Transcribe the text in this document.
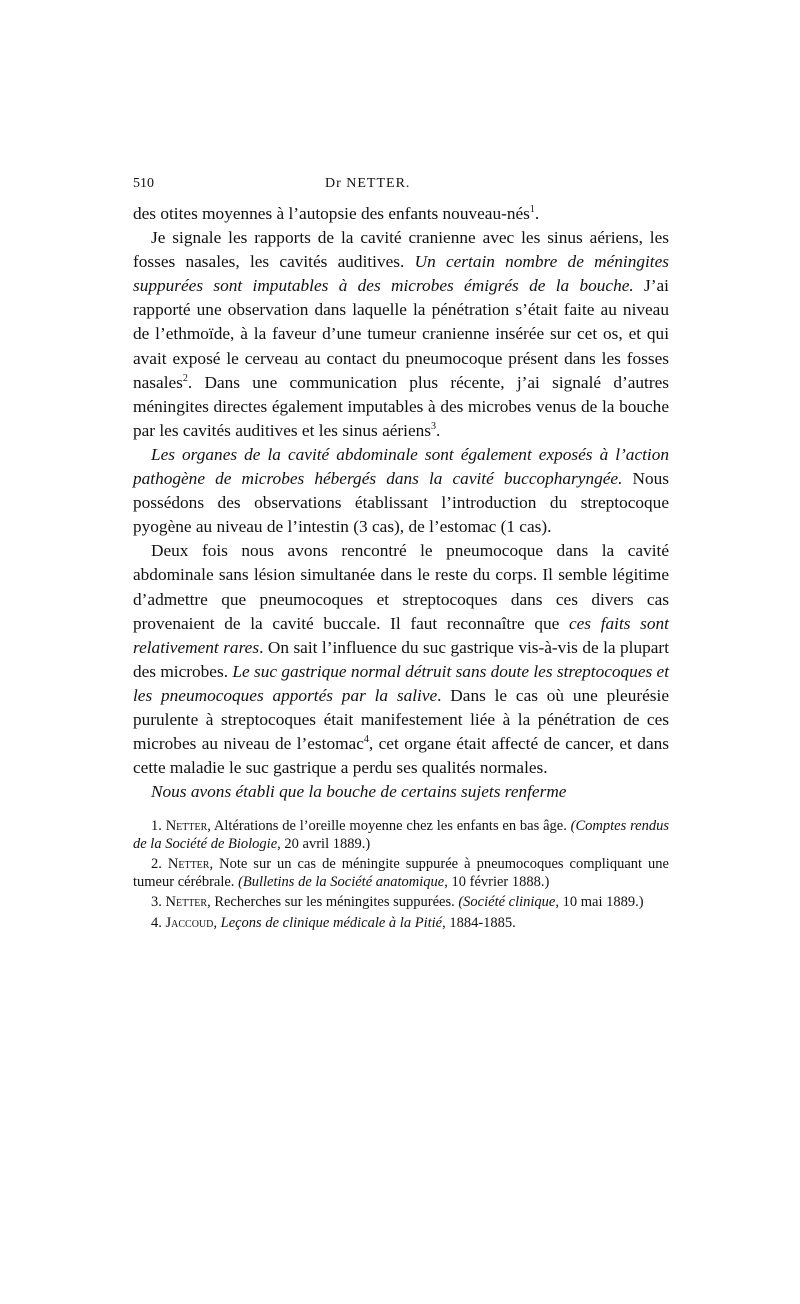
510	Dr NETTER.

des otites moyennes à l’autopsie des enfants nouveau-nés$^1$.

Je signale les rapports de la cavité cranienne avec les sinus aériens, les fosses nasales, les cavités auditives. Un certain nombre de méningites suppurées sont imputables à des microbes émigrés de la bouche. J’ai rapporté une observation dans laquelle la pénétration s’était faite au niveau de l’ethmoïde, à la faveur d’une tumeur cranienne insérée sur cet os, et qui avait exposé le cerveau au contact du pneumocoque présent dans les fosses nasales$^2$. Dans une communication plus récente, j’ai signalé d’autres méningites directes également imputables à des microbes venus de la bouche par les cavités auditives et les sinus aériens$^3$.

Les organes de la cavité abdominale sont également exposés à l’action pathogène de microbes hébergés dans la cavité buccopharyngée. Nous possédons des observations établissant l’introduction du streptocoque pyogène au niveau de l’intestin (3 cas), de l’estomac (1 cas).

Deux fois nous avons rencontré le pneumocoque dans la cavité abdominale sans lésion simultanée dans le reste du corps. Il semble légitime d’admettre que pneumocoques et streptocoques dans ces divers cas provenaient de la cavité buccale. Il faut reconnaître que ces faits sont relativement rares. On sait l’influence du suc gastrique vis-à-vis de la plupart des microbes. Le suc gastrique normal détruit sans doute les streptocoques et les pneumocoques apportés par la salive. Dans le cas où une pleurésie purulente à streptocoques était manifestement liée à la pénétration de ces microbes au niveau de l’estomac$^4$, cet organe était affecté de cancer, et dans cette maladie le suc gastrique a perdu ses qualités normales.

Nous avons établi que la bouche de certains sujets renferme

1. Netter, Altérations de l’oreille moyenne chez les enfants en bas âge. (Comptes rendus de la Société de Biologie, 20 avril 1889.)

2. Netter, Note sur un cas de méningite suppurée à pneumocoques compliquant une tumeur cérébrale. (Bulletins de la Société anatomique, 10 février 1888.)

3. Netter, Recherches sur les méningites suppurées. (Société clinique, 10 mai 1889.)

4. Jaccoud, Leçons de clinique médicale à la Pitié, 1884-1885.
